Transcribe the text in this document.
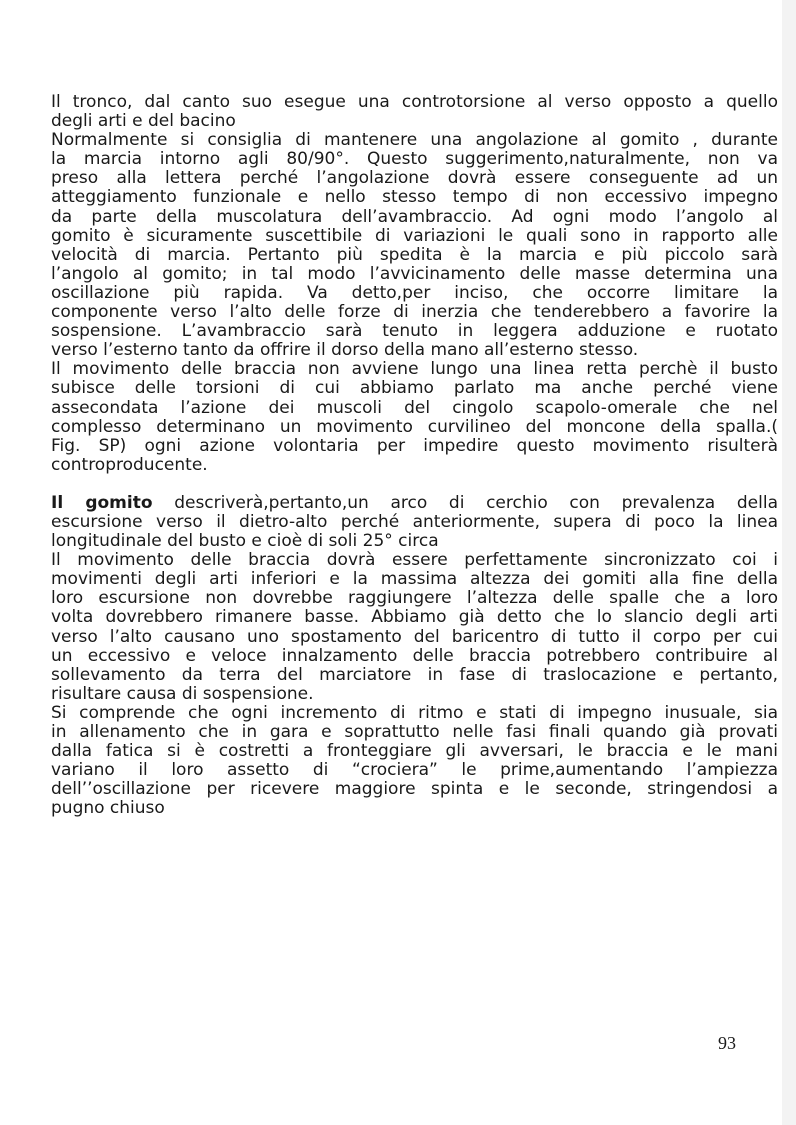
Il tronco, dal canto suo esegue una controtorsione al verso opposto a quello
degli arti e del bacino
Normalmente si consiglia di mantenere una angolazione al gomito , durante
la marcia intorno agli 80/90°. Questo suggerimento,naturalmente, non va
preso alla lettera perché l’angolazione dovrà essere conseguente ad un
atteggiamento funzionale e nello stesso tempo di non eccessivo impegno
da parte della muscolatura dell’avambraccio. Ad ogni modo l’angolo al
gomito è sicuramente suscettibile di variazioni le quali sono in rapporto alle
velocità di marcia. Pertanto più spedita è la marcia e più piccolo sarà
l’angolo al gomito; in tal modo l’avvicinamento delle masse determina una
oscillazione più rapida. Va detto,per inciso, che occorre limitare la
componente verso l’alto delle forze di inerzia che tenderebbero a favorire la
sospensione. L’avambraccio sarà tenuto in leggera adduzione e ruotato
verso l’esterno tanto da offrire il dorso della mano all’esterno stesso.
Il movimento delle braccia non avviene lungo una linea retta perchè il busto
subisce delle torsioni di cui abbiamo parlato ma anche perché viene
assecondata l’azione dei muscoli del cingolo scapolo-omerale che nel
complesso determinano un movimento curvilineo del moncone della spalla.(
Fig. SP) ogni azione volontaria per impedire questo movimento risulterà
controproducente.
Il gomito descriverà,pertanto,un arco di cerchio con prevalenza della
escursione verso il dietro-alto perché anteriormente, supera di poco la linea
longitudinale del busto e cioè di soli 25° circa
Il movimento delle braccia dovrà essere perfettamente sincronizzato coi i
movimenti degli arti inferiori e la massima altezza dei gomiti alla fine della
loro escursione non dovrebbe raggiungere l’altezza delle spalle che a loro
volta dovrebbero rimanere basse. Abbiamo già detto che lo slancio degli arti
verso l’alto causano uno spostamento del baricentro di tutto il corpo per cui
un eccessivo e veloce innalzamento delle braccia potrebbero contribuire al
sollevamento da terra del marciatore in fase di traslocazione e pertanto,
risultare causa di sospensione.
Si comprende che ogni incremento di ritmo e stati di impegno inusuale, sia
in allenamento che in gara e soprattutto nelle fasi finali quando già provati
dalla fatica si è costretti a fronteggiare gli avversari, le braccia e le mani
variano il loro assetto di “crociera” le prime,aumentando l’ampiezza
dell’’oscillazione per ricevere maggiore spinta e le seconde, stringendosi a
pugno chiuso
93
